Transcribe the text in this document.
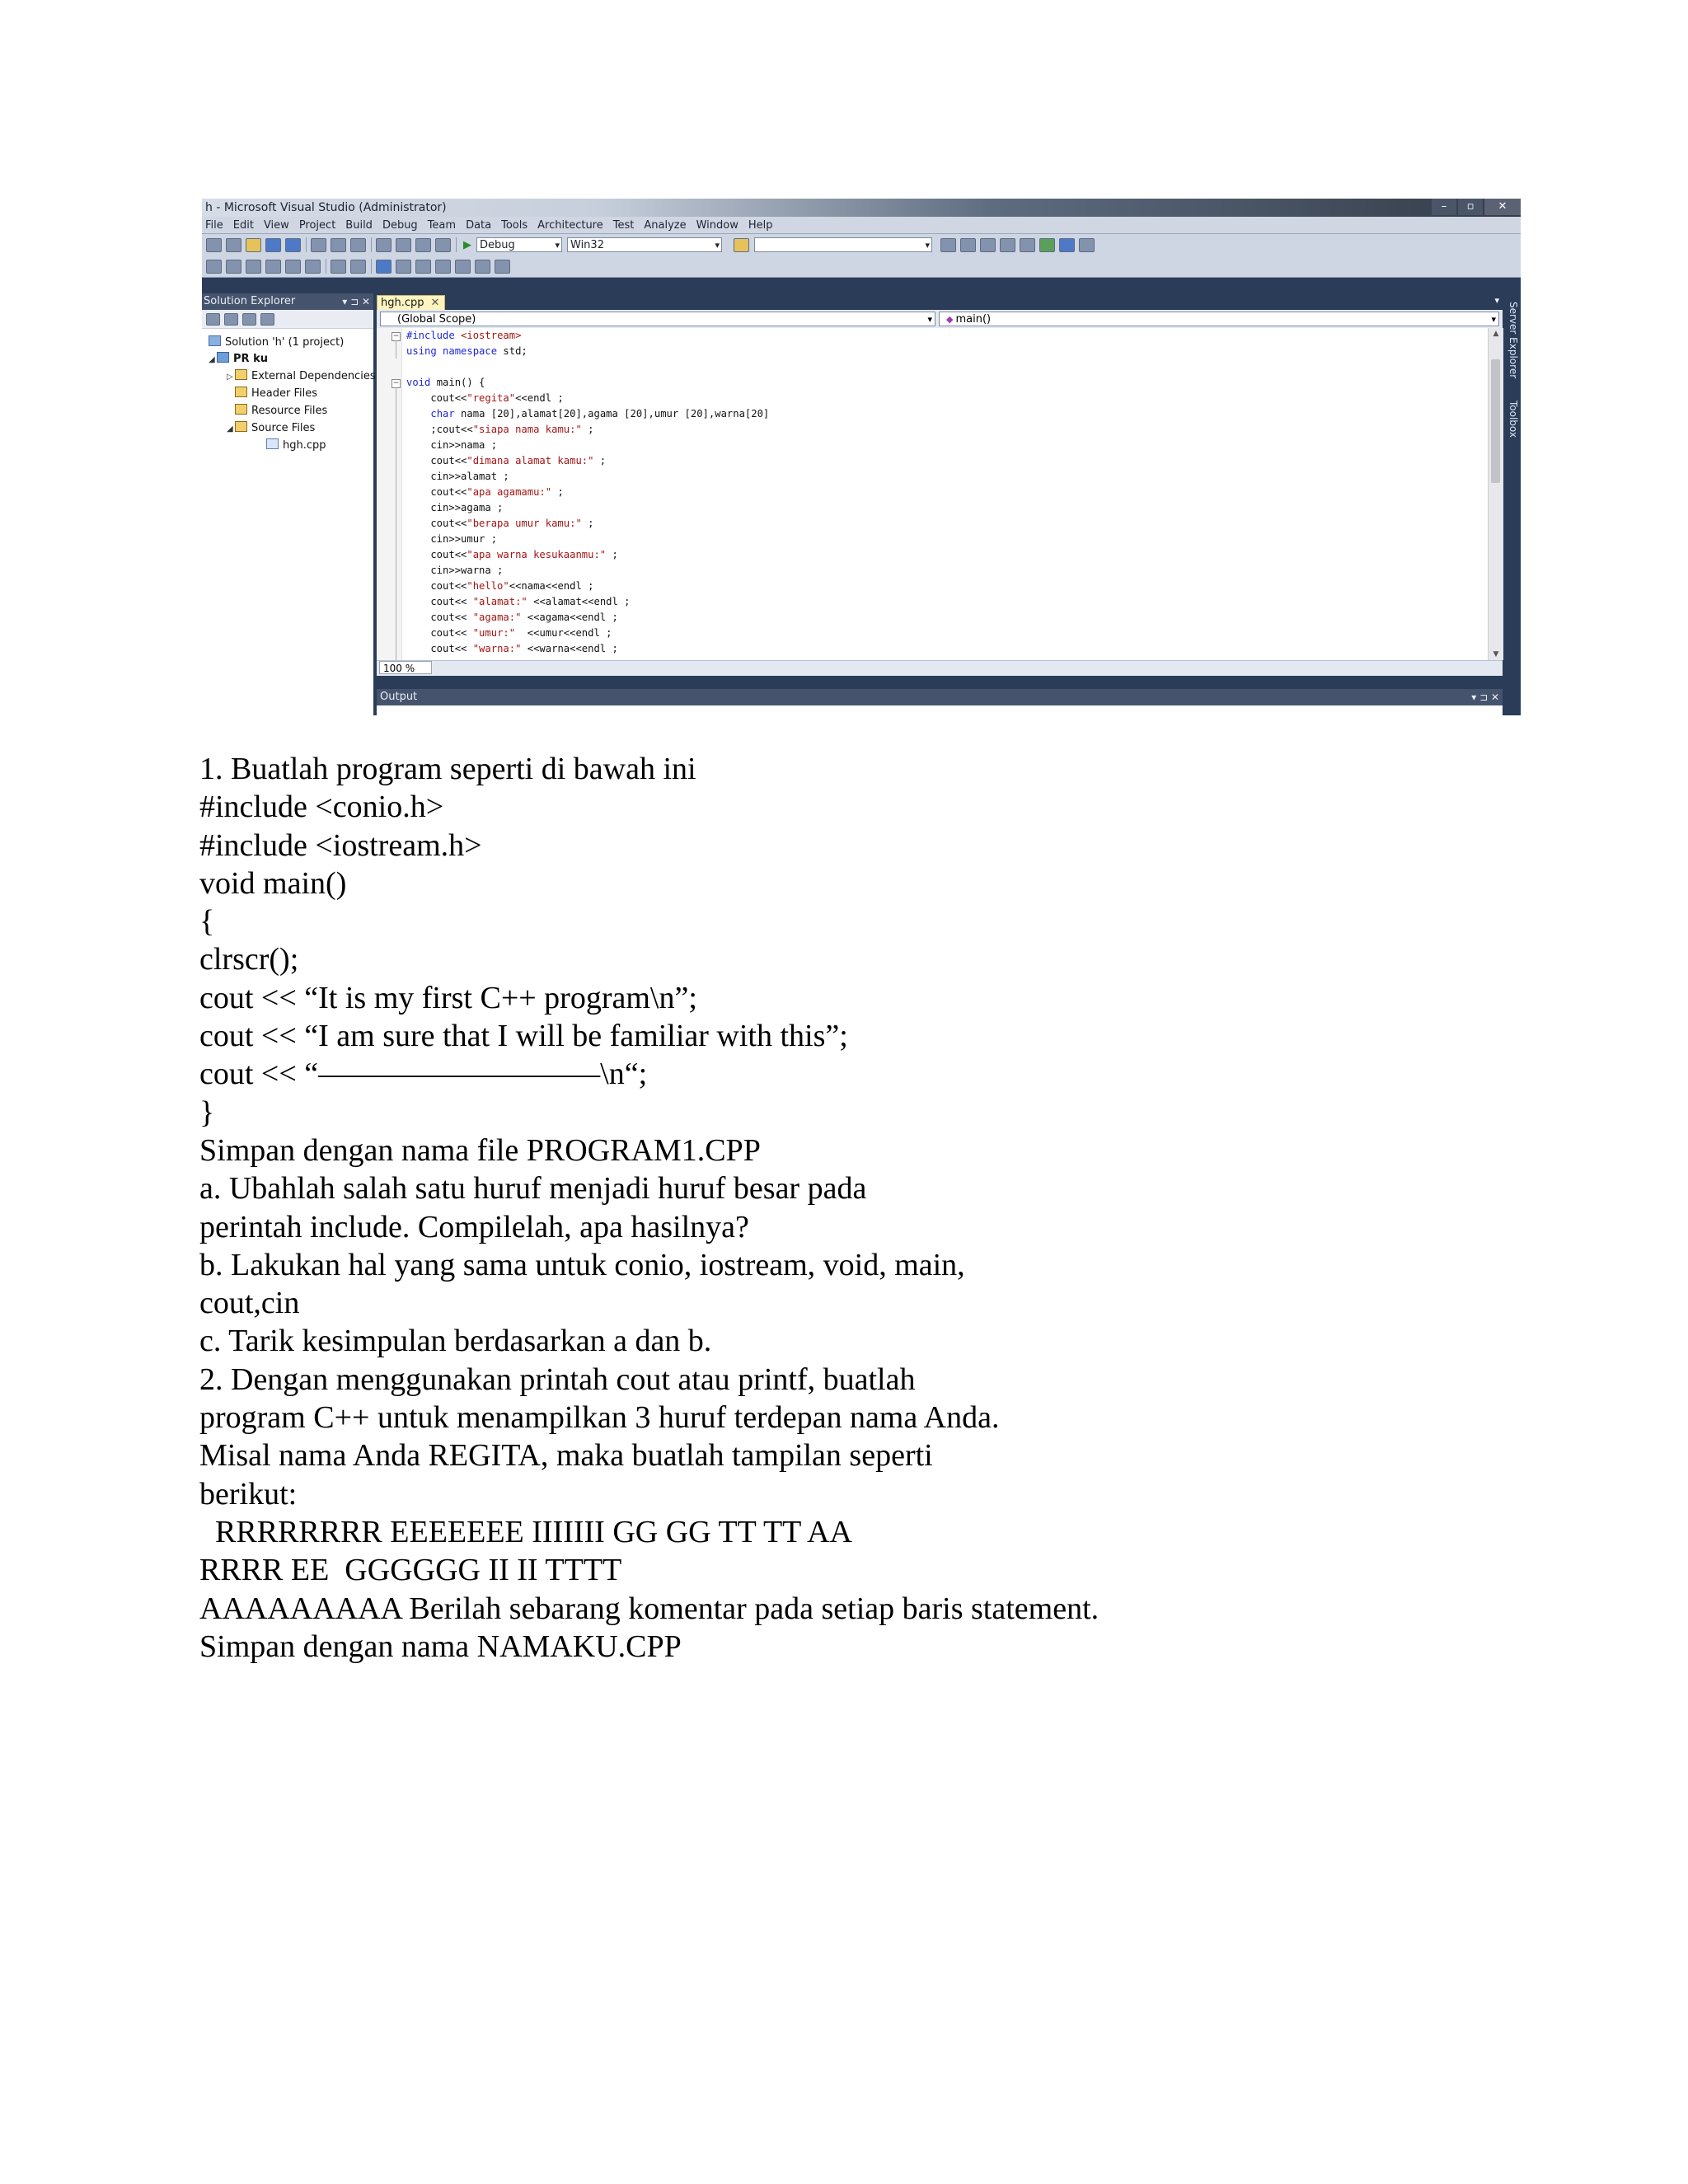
h - Microsoft Visual Studio (Administrator)	–	▫	✕
File Edit View Project Build Debug Team Data Tools Architecture Test Analyze Window Help
▶ Debug ▾	Win32 ▾
▾
Solution Explorer	▾ ⊐ ✕
Solution 'h' (1 project)
◢ PR ku
▷ External Dependencies
Header Files
Resource Files
◢ Source Files
hgh.cpp
hgh.cpp ✕	▾
(Global Scope) ▾	◆ main() ▾
−
−
#include <iostream>
using namespace std;
void main() {
cout<<"regita"<<endl ;
char nama [20],alamat[20],agama [20],umur [20],warna[20]
;cout<<"siapa nama kamu:" ;
cin>>nama ;
cout<<"dimana alamat kamu:" ;
cin>>alamat ;
cout<<"apa agamamu:" ;
cin>>agama ;
cout<<"berapa umur kamu:" ;
cin>>umur ;
cout<<"apa warna kesukaanmu:" ;
cin>>warna ;
cout<<"hello"<<nama<<endl ;
cout<< "alamat:" <<alamat<<endl ;
cout<< "agama:" <<agama<<endl ;
cout<< "umur:"  <<umur<<endl ;
cout<< "warna:" <<warna<<endl ;
▲
▼
100 %
Server Explorer
Toolbox
Output	▾ ⊐ ✕
1. Buatlah program seperti di bawah ini
#include <conio.h>
#include <iostream.h>
void main()
{
clrscr();
cout << “It is my first C++ program\n”;
cout << “I am sure that I will be familiar with this”;
cout << “—————————\n“;
}
Simpan dengan nama file PROGRAM1.CPP
a. Ubahlah salah satu huruf menjadi huruf besar pada
perintah include. Compilelah, apa hasilnya?
b. Lakukan hal yang sama untuk conio, iostream, void, main,
cout,cin
c. Tarik kesimpulan berdasarkan a dan b.
2. Dengan menggunakan printah cout atau printf, buatlah
program C++ untuk menampilkan 3 huruf terdepan nama Anda.
Misal nama Anda REGITA, maka buatlah tampilan seperti
berikut:
RRRRRRRR EEEEEEE IIIIIII GG GG TT TT AA
RRRR EE  GGGGGG II II TTTT
AAAAAAAAA Berilah sebarang komentar pada setiap baris statement.
Simpan dengan nama NAMAKU.CPP
